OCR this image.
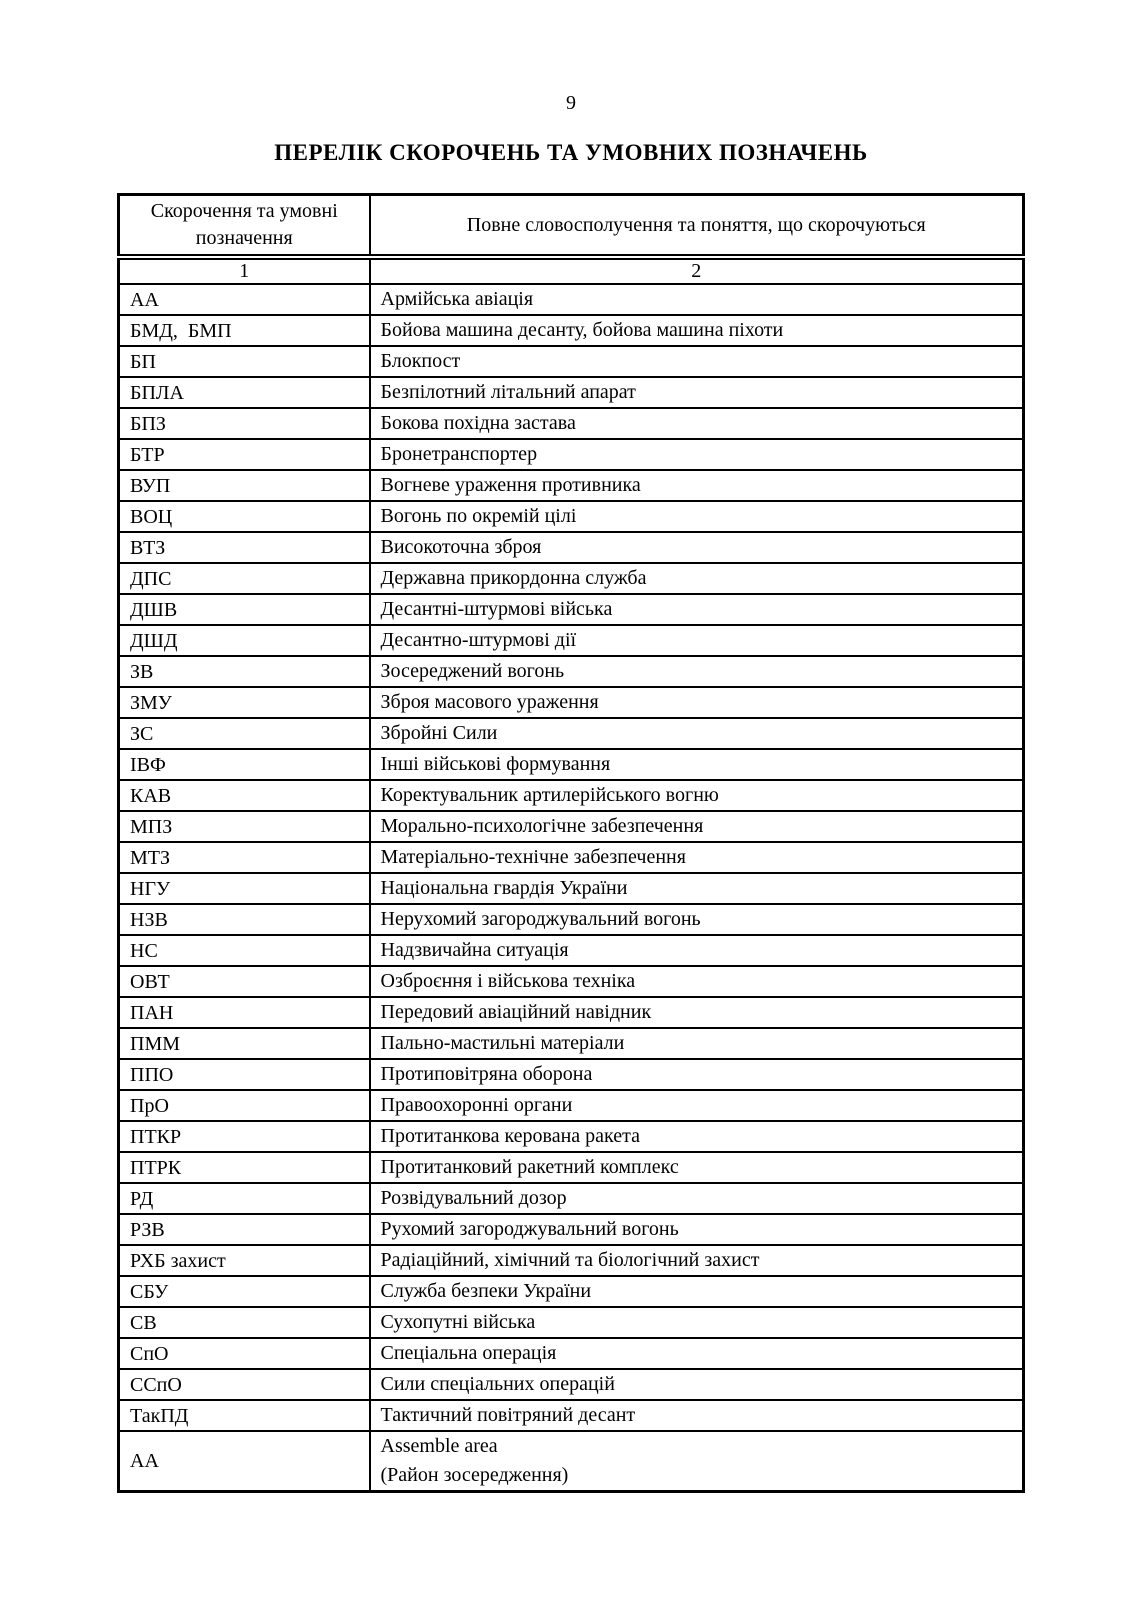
9
ПЕРЕЛІК СКОРОЧЕНЬ ТА УМОВНИХ ПОЗНАЧЕНЬ
Скорочення та умовні позначення	Повне словосполучення та поняття, що скорочуються
1	2
АА	Армійська авіація

БМД,  БМП	Бойова машина десанту, бойова машина піхоти

БП	Блокпост

БПЛА	Безпілотний літальний апарат

БПЗ	Бокова похідна застава

БТР	Бронетранспортер

ВУП	Вогневе ураження противника

ВОЦ	Вогонь по окремій цілі

ВТЗ	Високоточна зброя

ДПС	Державна прикордонна служба

ДШВ	Десантні-штурмові війська

ДШД	Десантно-штурмові дії

ЗВ	Зосереджений вогонь

ЗМУ	Зброя масового ураження

ЗС	Збройні Сили

ІВФ	Інші військові формування

КАВ	Коректувальник артилерійського вогню

МПЗ	Морально-психологічне забезпечення

МТЗ	Матеріально-технічне забезпечення

НГУ	Національна гвардія України

НЗВ	Нерухомий загороджувальний вогонь

НС	Надзвичайна ситуація

ОВТ	Озброєння і військова техніка

ПАН	Передовий авіаційний навідник

ПММ	Пально-мастильні матеріали

ППО	Протиповітряна оборона

ПрО	Правоохоронні органи

ПТКР	Протитанкова керована ракета

ПТРК	Протитанковий ракетний комплекс

РД	Розвідувальний дозор

РЗВ	Рухомий загороджувальний вогонь

РХБ захист	Радіаційний, хімічний та біологічний захист

СБУ	Служба безпеки України

СВ	Сухопутні війська

СпО	Спеціальна операція

ССпО	Сили спеціальних операцій

ТакПД	Тактичний повітряний десант

АА	Assemble area
(Район зосередження)
